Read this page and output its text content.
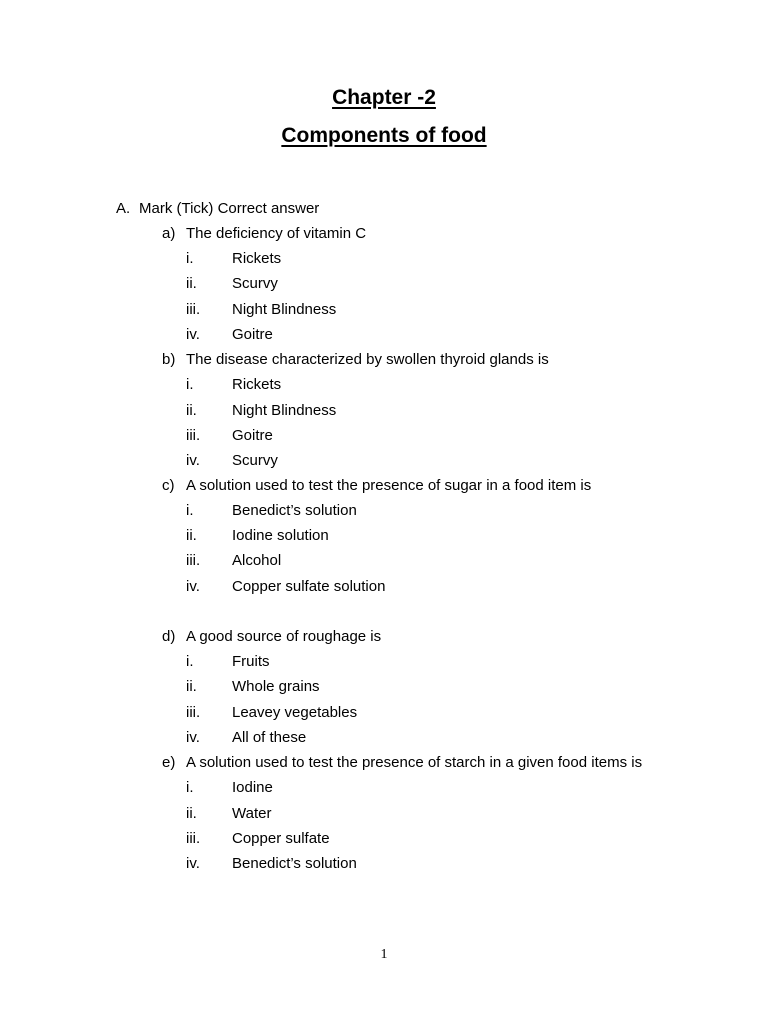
Chapter -2
Components of food
A. Mark (Tick) Correct answer
a) The deficiency of vitamin C
i.	Rickets
ii. Scurvy
iii. Night Blindness
iv. Goitre
b) The disease characterized by swollen thyroid glands is
i.	Rickets
ii. Night Blindness
iii. Goitre
iv. Scurvy
c) A solution used to test the presence of sugar in a food item is
i.	Benedict’s solution
ii. Iodine solution
iii. Alcohol
iv. Copper sulfate solution
d) A good source of roughage is
i.	Fruits
ii. Whole grains
iii. Leavey vegetables
iv. All of these
e) A solution used to test the presence of starch in a given food items is
i.	Iodine
ii. Water
iii. Copper sulfate
iv. Benedict’s solution
1
